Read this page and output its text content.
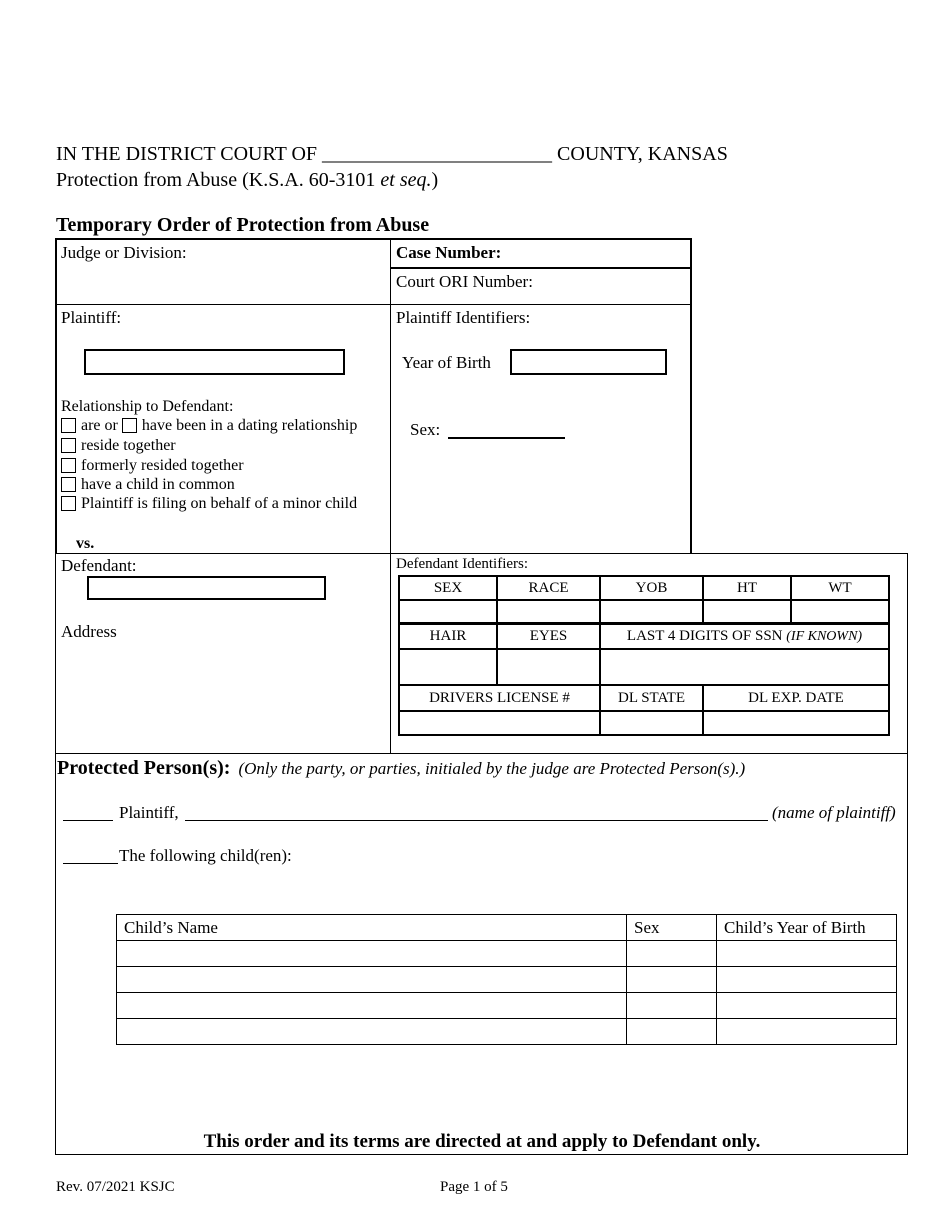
IN THE DISTRICT COURT OF _______________________ COUNTY, KANSAS
Protection from Abuse (K.S.A. 60-3101 et seq.)
Temporary Order of Protection from Abuse
Judge or Division:	Case Number:
Court ORI Number:
Plaintiff:
Relationship to Defendant:
are or have been in a dating relationship
reside together
formerly resided together
have a child in common
Plaintiff is filing on behalf of a minor child
vs.
Plaintiff Identifiers:
Year of Birth
Sex:
Defendant:
Address
Defendant Identifiers:
SEX	RACE	YOB	HT	WT

HAIR	EYES	LAST 4 DIGITS OF SSN (IF KNOWN)

DRIVERS LICENSE #	DL STATE	DL EXP. DATE

Protected Person(s): (Only the party, or parties, initialed by the judge are Protected Person(s).)
Plaintiff,	(name of plaintiff)
The following child(ren):
Child’s Name	Sex	Child’s Year of Birth

This order and its terms are directed at and apply to Defendant only.
Rev. 07/2021 KSJC	Page 1 of 5
